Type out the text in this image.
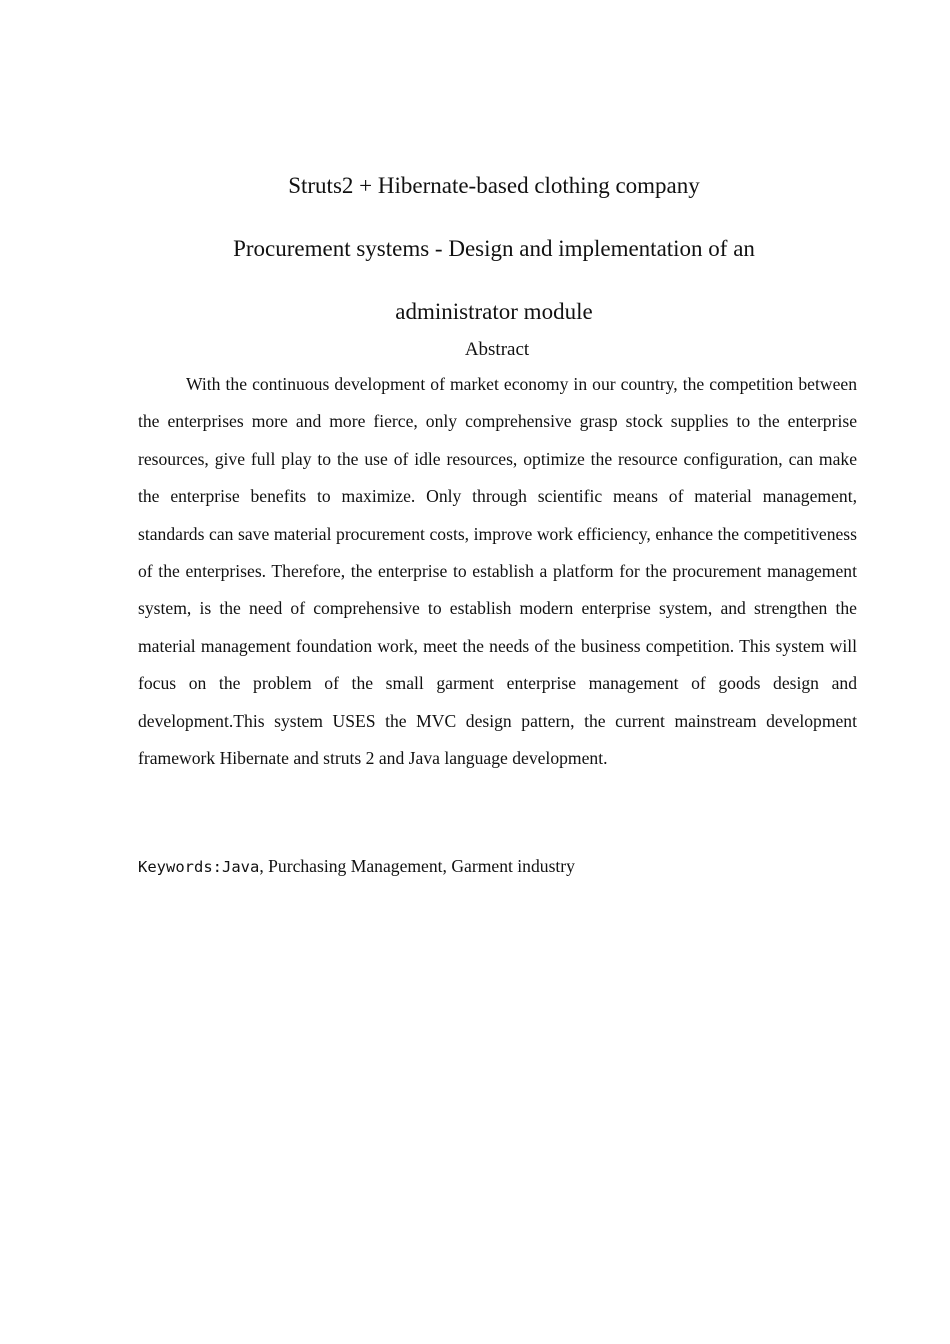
Struts2 + Hibernate-based clothing company
Procurement systems - Design and implementation of an
administrator module
Abstract

With the continuous development of market economy in our country, the competition between the enterprises more and more fierce, only comprehensive grasp stock supplies to the enterprise resources, give full play to the use of idle resources, optimize the resource configuration, can make the enterprise benefits to maximize. Only through scientific means of material management, standards can save material procurement costs, improve work efficiency, enhance the competitiveness of the enterprises. Therefore, the enterprise to establish a platform for the procurement management system, is the need of comprehensive to establish modern enterprise system, and strengthen the material management foundation work, meet the needs of the business competition. This system will focus on the problem of the small garment enterprise management of goods design and development.This system USES the MVC design pattern, the current mainstream development framework Hibernate and struts 2 and Java language development.

Keywords:Java, Purchasing Management, Garment industry
